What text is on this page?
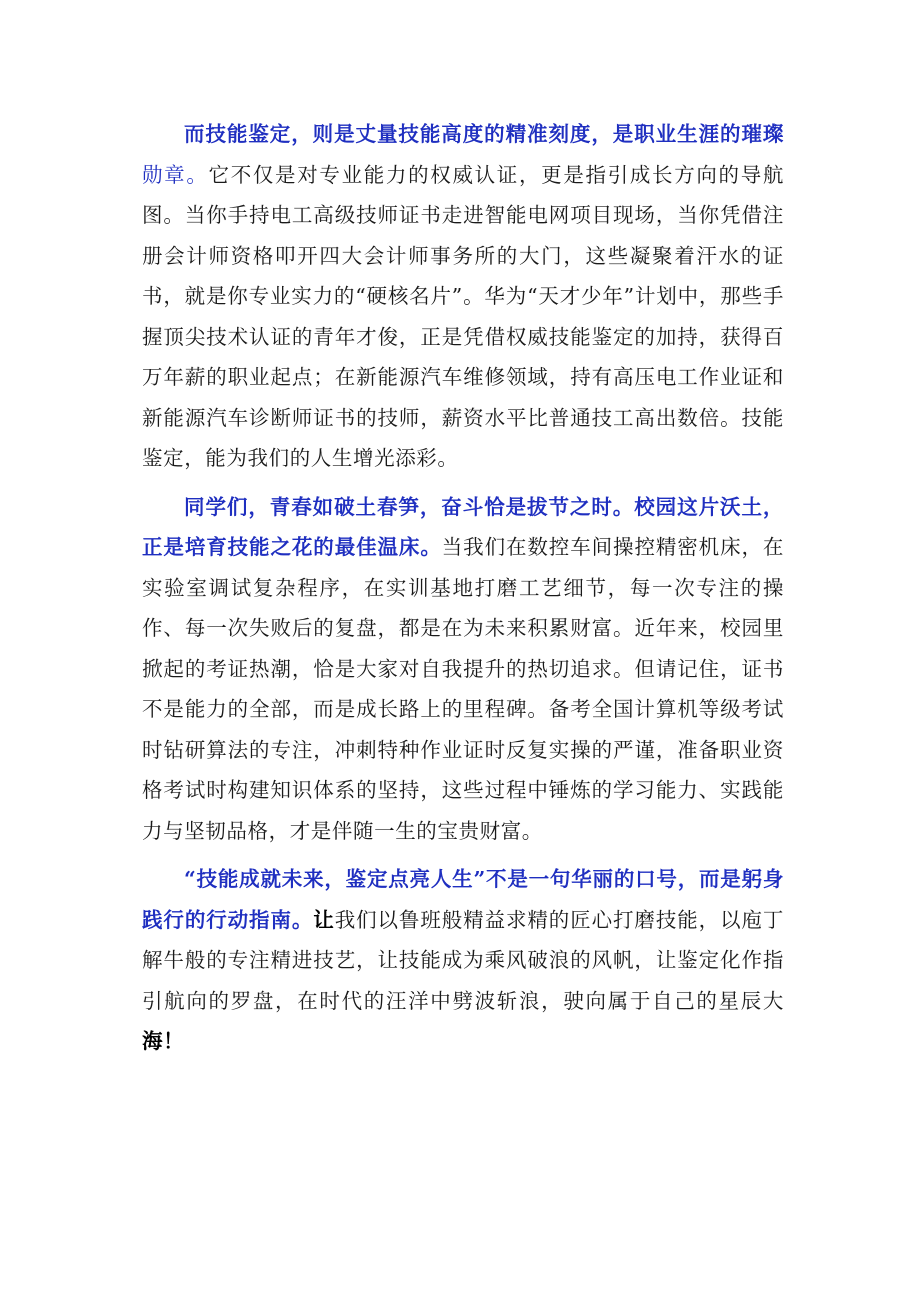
而技能鉴定，则是丈量技能高度的精准刻度，是职业生涯的璀璨勋章。它不仅是对专业能力的权威认证，更是指引成长方向的导航图。当你手持电工高级技师证书走进智能电网项目现场，当你凭借注册会计师资格叩开四大会计师事务所的大门，这些凝聚着汗水的证书，就是你专业实力的“硬核名片”。华为“天才少年”计划中，那些手握顶尖技术认证的青年才俊，正是凭借权威技能鉴定的加持，获得百万年薪的职业起点；在新能源汽车维修领域，持有高压电工作业证和新能源汽车诊断师证书的技师，薪资水平比普通技工高出数倍。技能鉴定，能为我们的人生增光添彩。

同学们，青春如破土春笋，奋斗恰是拔节之时。校园这片沃土，正是培育技能之花的最佳温床。当我们在数控车间操控精密机床，在实验室调试复杂程序，在实训基地打磨工艺细节，每一次专注的操作、每一次失败后的复盘，都是在为未来积累财富。近年来，校园里掀起的考证热潮，恰是大家对自我提升的热切追求。但请记住，证书不是能力的全部，而是成长路上的里程碑。备考全国计算机等级考试时钻研算法的专注，冲刺特种作业证时反复实操的严谨，准备职业资格考试时构建知识体系的坚持，这些过程中锤炼的学习能力、实践能力与坚韧品格，才是伴随一生的宝贵财富。

“技能成就未来，鉴定点亮人生”不是一句华丽的口号，而是躬身践行的行动指南。让我们以鲁班般精益求精的匠心打磨技能，以庖丁解牛般的专注精进技艺，让技能成为乘风破浪的风帆，让鉴定化作指引航向的罗盘，在时代的汪洋中劈波斩浪，驶向属于自己的星辰大海！
